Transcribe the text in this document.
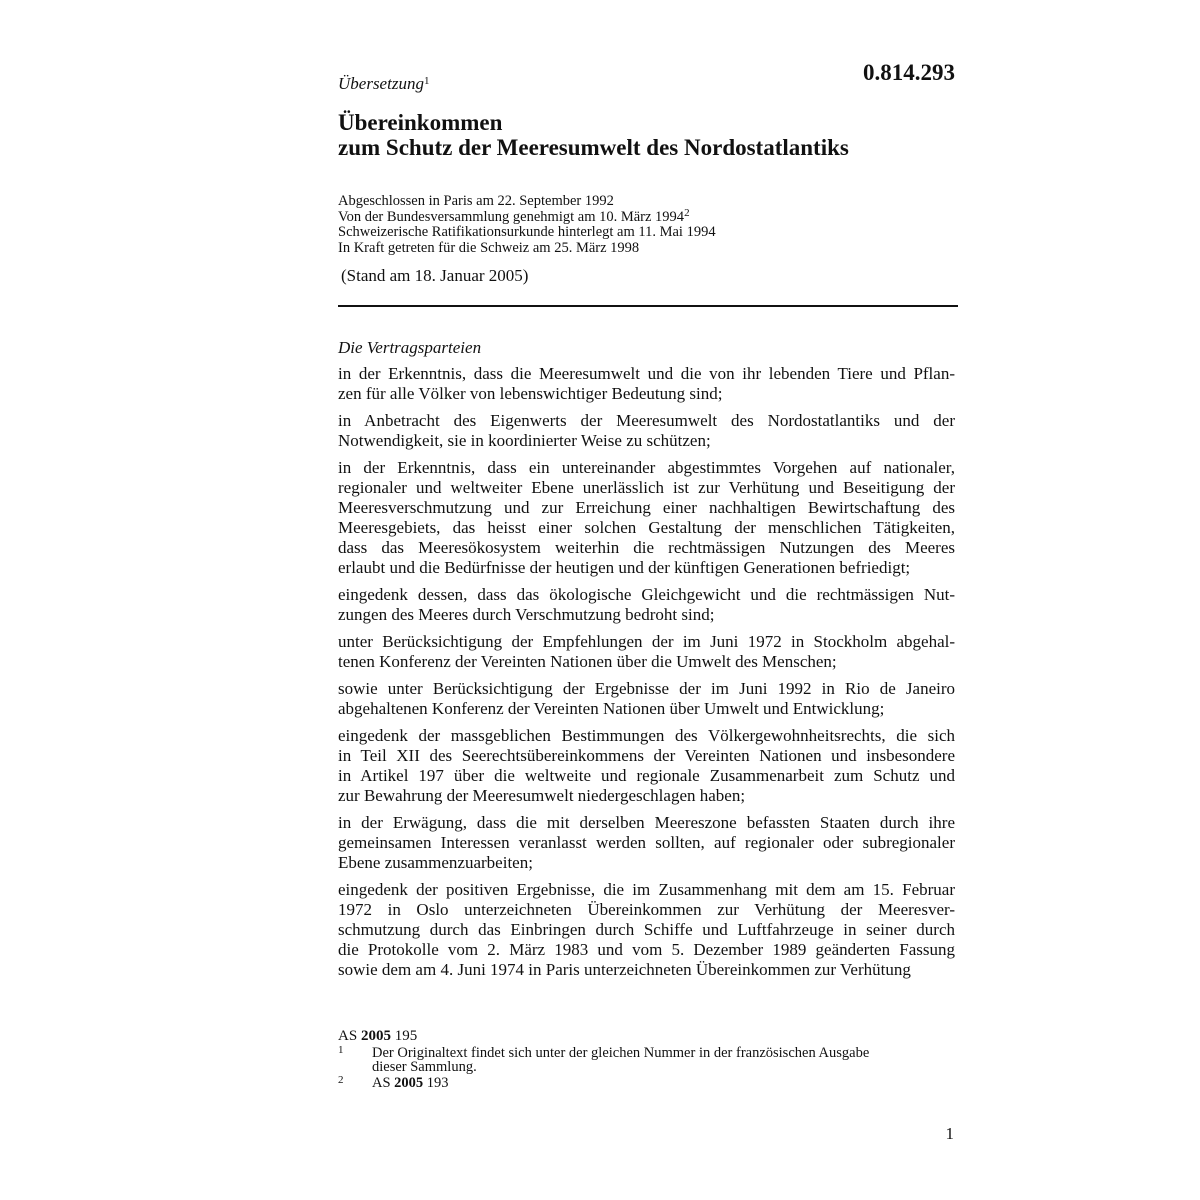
0.814.293
Übersetzung$^1$
Übereinkommen
zum Schutz der Meeresumwelt des Nordostatlantiks
Abgeschlossen in Paris am 22. September 1992
Von der Bundesversammlung genehmigt am 10. März 1994$^2$
Schweizerische Ratifikationsurkunde hinterlegt am 11. Mai 1994
In Kraft getreten für die Schweiz am 25. März 1998
(Stand am 18. Januar 2005)
Die Vertragsparteien

in der Erkenntnis, dass die Meeresumwelt und die von ihr lebenden Tiere und Pflan-
zen für alle Völker von lebenswichtiger Bedeutung sind;

in Anbetracht des Eigenwerts der Meeresumwelt des Nordostatlantiks und der
Notwendigkeit, sie in koordinierter Weise zu schützen;

in der Erkenntnis, dass ein untereinander abgestimmtes Vorgehen auf nationaler,
regionaler und weltweiter Ebene unerlässlich ist zur Verhütung und Beseitigung der
Meeresverschmutzung und zur Erreichung einer nachhaltigen Bewirtschaftung des
Meeresgebiets, das heisst einer solchen Gestaltung der menschlichen Tätigkeiten,
dass das Meeresökosystem weiterhin die rechtmässigen Nutzungen des Meeres
erlaubt und die Bedürfnisse der heutigen und der künftigen Generationen befriedigt;

eingedenk dessen, dass das ökologische Gleichgewicht und die rechtmässigen Nut-
zungen des Meeres durch Verschmutzung bedroht sind;

unter Berücksichtigung der Empfehlungen der im Juni 1972 in Stockholm abgehal-
tenen Konferenz der Vereinten Nationen über die Umwelt des Menschen;

sowie unter Berücksichtigung der Ergebnisse der im Juni 1992 in Rio de Janeiro
abgehaltenen Konferenz der Vereinten Nationen über Umwelt und Entwicklung;

eingedenk der massgeblichen Bestimmungen des Völkergewohnheitsrechts, die sich
in Teil XII des Seerechtsübereinkommens der Vereinten Nationen und insbesondere
in Artikel 197 über die weltweite und regionale Zusammenarbeit zum Schutz und
zur Bewahrung der Meeresumwelt niedergeschlagen haben;

in der Erwägung, dass die mit derselben Meereszone befassten Staaten durch ihre
gemeinsamen Interessen veranlasst werden sollten, auf regionaler oder subregionaler
Ebene zusammenzuarbeiten;

eingedenk der positiven Ergebnisse, die im Zusammenhang mit dem am 15. Februar
1972 in Oslo unterzeichneten Übereinkommen zur Verhütung der Meeresver-
schmutzung durch das Einbringen durch Schiffe und Luftfahrzeuge in seiner durch
die Protokolle vom 2. März 1983 und vom 5. Dezember 1989 geänderten Fassung
sowie dem am 4. Juni 1974 in Paris unterzeichneten Übereinkommen zur Verhütung

AS 2005 195
1 Der Originaltext findet sich unter der gleichen Nummer in der französischen Ausgabe
dieser Sammlung.
2 AS 2005 193
1
